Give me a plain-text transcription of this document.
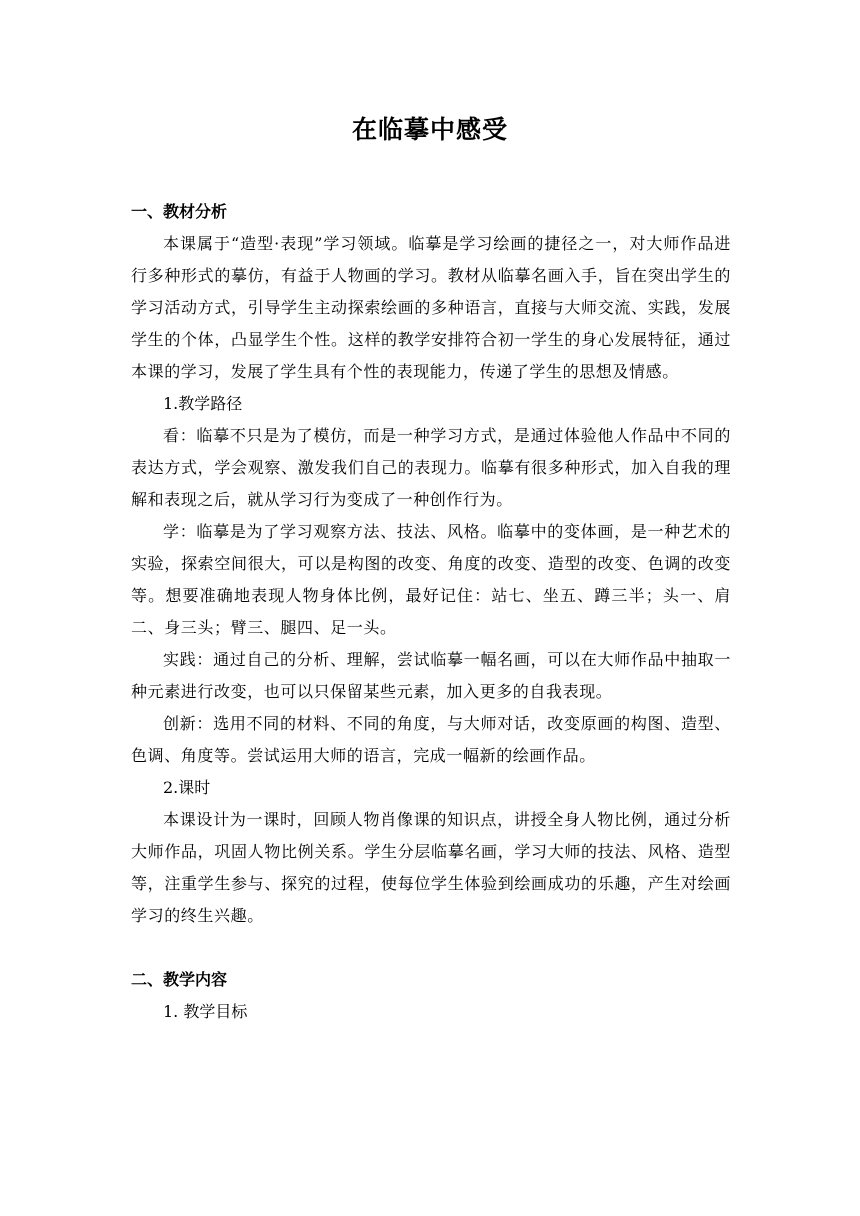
在临摹中感受
一、教材分析
本课属于“造型·表现”学习领域。临摹是学习绘画的捷径之一，对大师作品进行多种形式的摹仿，有益于人物画的学习。教材从临摹名画入手，旨在突出学生的学习活动方式，引导学生主动探索绘画的多种语言，直接与大师交流、实践，发展学生的个体，凸显学生个性。这样的教学安排符合初一学生的身心发展特征，通过本课的学习，发展了学生具有个性的表现能力，传递了学生的思想及情感。
1.教学路径
看：临摹不只是为了模仿，而是一种学习方式，是通过体验他人作品中不同的表达方式，学会观察、激发我们自己的表现力。临摹有很多种形式，加入自我的理解和表现之后，就从学习行为变成了一种创作行为。
学：临摹是为了学习观察方法、技法、风格。临摹中的变体画，是一种艺术的实验，探索空间很大，可以是构图的改变、角度的改变、造型的改变、色调的改变等。想要准确地表现人物身体比例，最好记住：站七、坐五、蹲三半；头一、肩二、身三头；臂三、腿四、足一头。
实践：通过自己的分析、理解，尝试临摹一幅名画，可以在大师作品中抽取一种元素进行改变，也可以只保留某些元素，加入更多的自我表现。
创新：选用不同的材料、不同的角度，与大师对话，改变原画的构图、造型、色调、角度等。尝试运用大师的语言，完成一幅新的绘画作品。
2.课时
本课设计为一课时，回顾人物肖像课的知识点，讲授全身人物比例，通过分析大师作品，巩固人物比例关系。学生分层临摹名画，学习大师的技法、风格、造型等，注重学生参与、探究的过程，使每位学生体验到绘画成功的乐趣，产生对绘画学习的终生兴趣。
二、教学内容
1. 教学目标
